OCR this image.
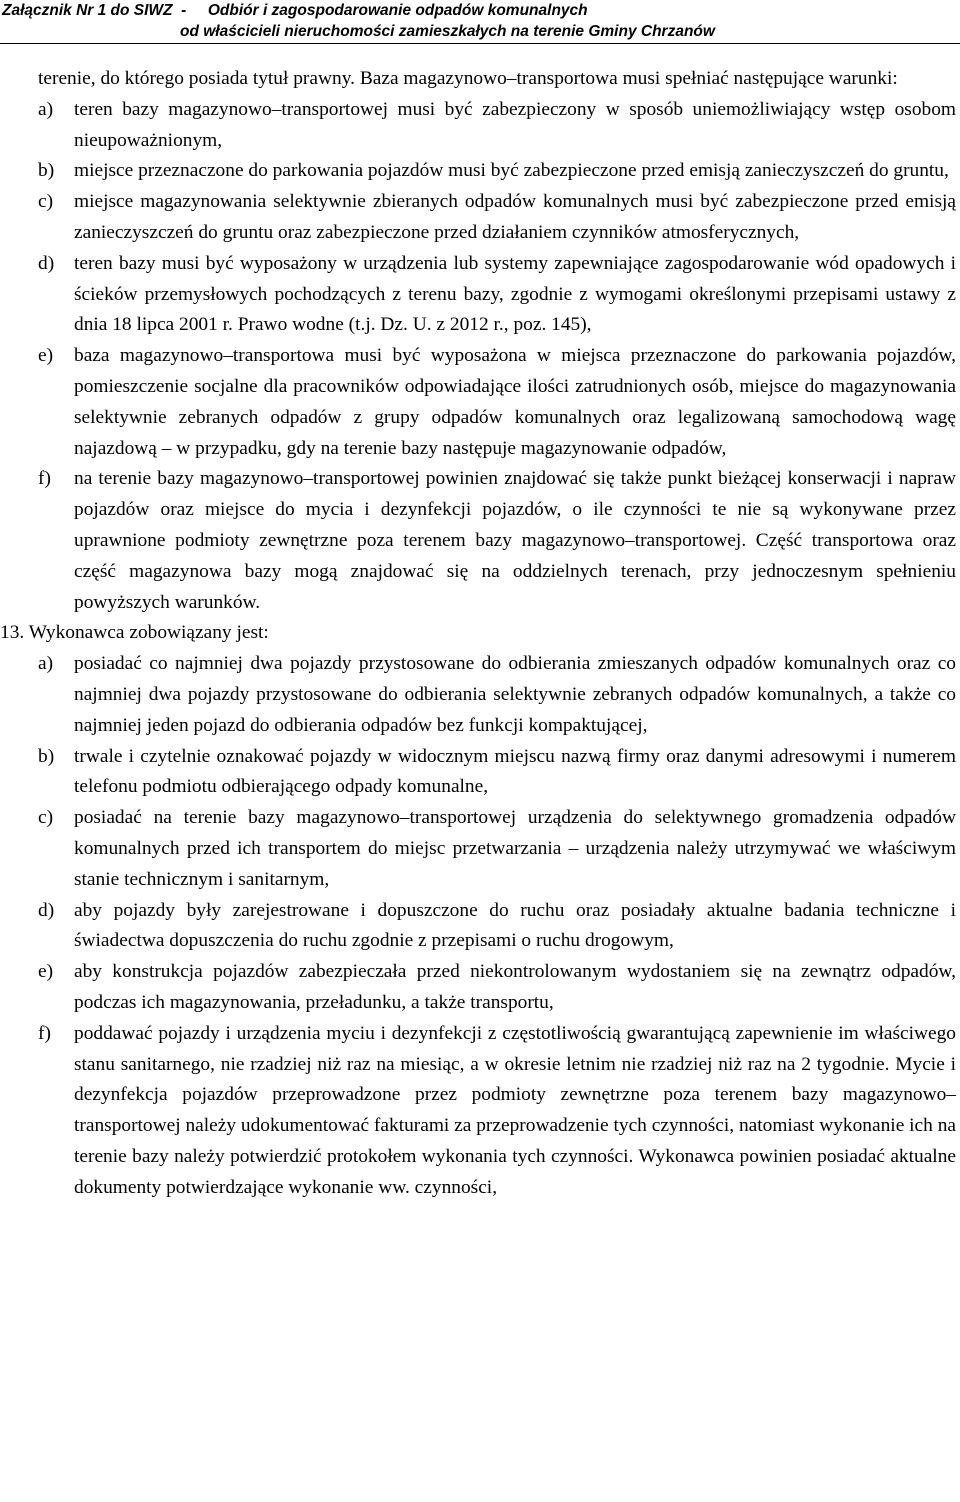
Załącznik Nr 1 do SIWZ  -     Odbiór i zagospodarowanie odpadów komunalnych
od właścicieli nieruchomości zamieszkałych na terenie Gminy Chrzanów

terenie, do którego posiada tytuł prawny. Baza magazynowo–transportowa musi spełniać następujące warunki:

a)	teren bazy magazynowo–transportowej musi być zabezpieczony w sposób uniemożliwiający wstęp osobom nieupoważnionym,
b)	miejsce przeznaczone do parkowania pojazdów musi być zabezpieczone przed emisją zanieczyszczeń do gruntu,
c)	miejsce magazynowania selektywnie zbieranych odpadów komunalnych musi być zabezpieczone przed emisją zanieczyszczeń do gruntu oraz zabezpieczone przed działaniem czynników atmosferycznych,
d)	teren bazy musi być wyposażony w urządzenia lub systemy zapewniające zagospodarowanie wód opadowych i ścieków przemysłowych pochodzących z terenu bazy, zgodnie z wymogami określonymi przepisami ustawy z dnia 18 lipca 2001 r. Prawo wodne (t.j. Dz. U. z 2012 r., poz. 145),
e)	baza magazynowo–transportowa musi być wyposażona w miejsca przeznaczone do parkowania pojazdów, pomieszczenie socjalne dla pracowników odpowiadające ilości zatrudnionych osób, miejsce do magazynowania selektywnie zebranych odpadów z grupy odpadów komunalnych oraz legalizowaną samochodową wagę najazdową – w przypadku, gdy na terenie bazy następuje magazynowanie odpadów,
f)	na terenie bazy magazynowo–transportowej powinien znajdować się także punkt bieżącej konserwacji i napraw pojazdów oraz miejsce do mycia i dezynfekcji pojazdów, o ile czynności te nie są wykonywane przez uprawnione podmioty zewnętrzne poza terenem bazy magazynowo–transportowej. Część transportowa oraz część magazynowa bazy mogą znajdować się na oddzielnych terenach, przy jednoczesnym spełnieniu powyższych warunków.

13. Wykonawca zobowiązany jest:

a)	posiadać co najmniej dwa pojazdy przystosowane do odbierania zmieszanych odpadów komunalnych oraz co najmniej dwa pojazdy przystosowane do odbierania selektywnie zebranych odpadów komunalnych, a także co najmniej jeden pojazd do odbierania odpadów bez funkcji kompaktującej,
b)	trwale i czytelnie oznakować pojazdy w widocznym miejscu nazwą firmy oraz danymi adresowymi i numerem telefonu podmiotu odbierającego odpady komunalne,
c)	posiadać na terenie bazy magazynowo–transportowej urządzenia do selektywnego gromadzenia odpadów komunalnych przed ich transportem do miejsc przetwarzania – urządzenia należy utrzymywać we właściwym stanie technicznym i sanitarnym,
d)	aby pojazdy były zarejestrowane i dopuszczone do ruchu oraz posiadały aktualne badania techniczne i świadectwa dopuszczenia do ruchu zgodnie z przepisami o ruchu drogowym,
e)	aby konstrukcja pojazdów zabezpieczała przed niekontrolowanym wydostaniem się na zewnątrz odpadów, podczas ich magazynowania, przeładunku, a także transportu,
f)	poddawać pojazdy i urządzenia myciu i dezynfekcji z częstotliwością gwarantującą zapewnienie im właściwego stanu sanitarnego, nie rzadziej niż raz na miesiąc, a w okresie letnim nie rzadziej niż raz na 2 tygodnie. Mycie i dezynfekcja pojazdów przeprowadzone przez podmioty zewnętrzne poza terenem bazy magazynowo–transportowej należy udokumentować fakturami za przeprowadzenie tych czynności, natomiast wykonanie ich na terenie bazy należy potwierdzić protokołem wykonania tych czynności. Wykonawca powinien posiadać aktualne dokumenty potwierdzające wykonanie ww. czynności,
